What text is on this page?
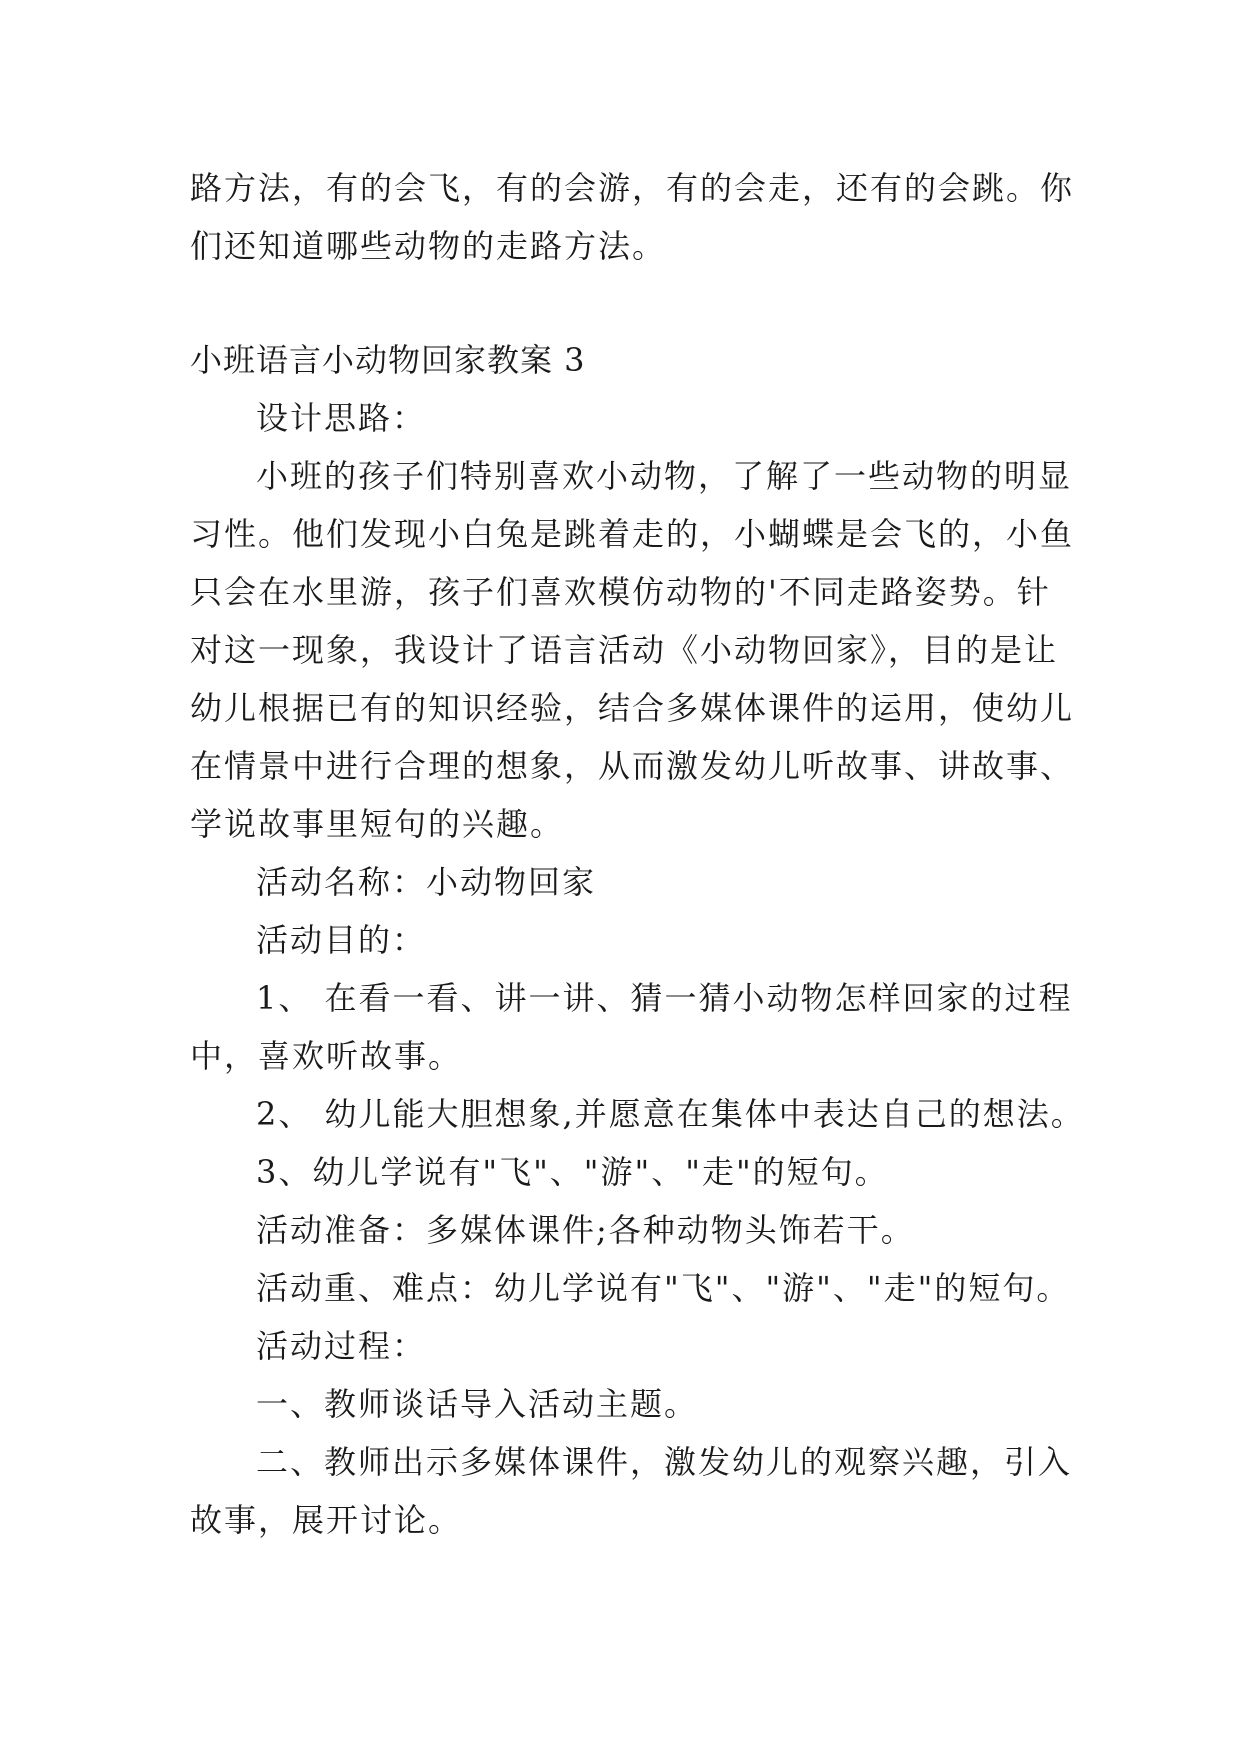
路方法，有的会飞，有的会游，有的会走，还有的会跳。你
们还知道哪些动物的走路方法。
小班语言小动物回家教案 3
设计思路：
小班的孩子们特别喜欢小动物，了解了一些动物的明显
习性。他们发现小白兔是跳着走的，小蝴蝶是会飞的，小鱼
只会在水里游，孩子们喜欢模仿动物的'不同走路姿势。针
对这一现象，我设计了语言活动《小动物回家》，目的是让
幼儿根据已有的知识经验，结合多媒体课件的运用，使幼儿
在情景中进行合理的想象，从而激发幼儿听故事、讲故事、
学说故事里短句的兴趣。
活动名称：小动物回家
活动目的：
1、 在看一看、讲一讲、猜一猜小动物怎样回家的过程
中，喜欢听故事。
2、 幼儿能大胆想象,并愿意在集体中表达自己的想法。
3、幼儿学说有"飞"、"游"、"走"的短句。
活动准备：多媒体课件;各种动物头饰若干。
活动重、难点：幼儿学说有"飞"、"游"、"走"的短句。
活动过程：
一、教师谈话导入活动主题。
二、教师出示多媒体课件，激发幼儿的观察兴趣，引入
故事，展开讨论。
